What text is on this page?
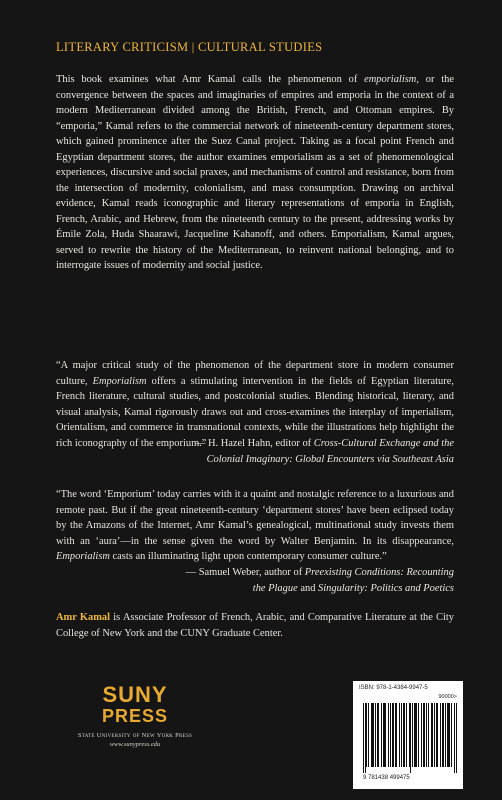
LITERARY CRITICISM | CULTURAL STUDIES

This book examines what Amr Kamal calls the phenomenon of emporialism, or the convergence between the spaces and imaginaries of empires and emporia in the context of a modern Mediterranean divided among the British, French, and Ottoman empires. By “emporia,” Kamal refers to the commercial network of nineteenth-century department stores, which gained prominence after the Suez Canal project. Taking as a focal point French and Egyptian department stores, the author examines emporialism as a set of phenomenological experiences, discursive and social praxes, and mechanisms of control and resistance, born from the intersection of modernity, colonialism, and mass consumption. Drawing on archival evidence, Kamal reads iconographic and literary representations of emporia in English, French, Arabic, and Hebrew, from the nineteenth century to the present, addressing works by Émile Zola, Huda Shaarawi, Jacqueline Kahanoff, and others. Emporialism, Kamal argues, served to rewrite the history of the Mediterranean, to reinvent national belonging, and to interrogate issues of modernity and social justice.

“A major critical study of the phenomenon of the department store in modern consumer culture, Emporialism offers a stimulating intervention in the fields of Egyptian literature, French literature, cultural studies, and postcolonial studies. Blending historical, literary, and visual analysis, Kamal rigorously draws out and cross-examines the interplay of imperialism, Orientalism, and commerce in transnational contexts, while the illustrations help highlight the rich iconography of the emporium.”

— H. Hazel Hahn, editor of Cross-Cultural Exchange and the
Colonial Imaginary: Global Encounters via Southeast Asia

“The word ‘Emporium’ today carries with it a quaint and nostalgic reference to a luxurious and remote past. But if the great nineteenth-century ‘department stores’ have been eclipsed today by the Amazons of the Internet, Amr Kamal’s genealogical, multinational study invests them with an ‘aura’—in the sense given the word by Walter Benjamin. In its disappearance, Emporialism casts an illuminating light upon contemporary consumer culture.”

— Samuel Weber, author of Preexisting Conditions: Recounting
the Plague and Singularity: Politics and Poetics

Amr Kamal is Associate Professor of French, Arabic, and Comparative Literature at the City College of New York and the CUNY Graduate Center.

SUNY
PRESS
State University of New York Press
www.sunypress.edu
ISBN: 978-1-4384-9947-5
90000>
9 781438 499475
